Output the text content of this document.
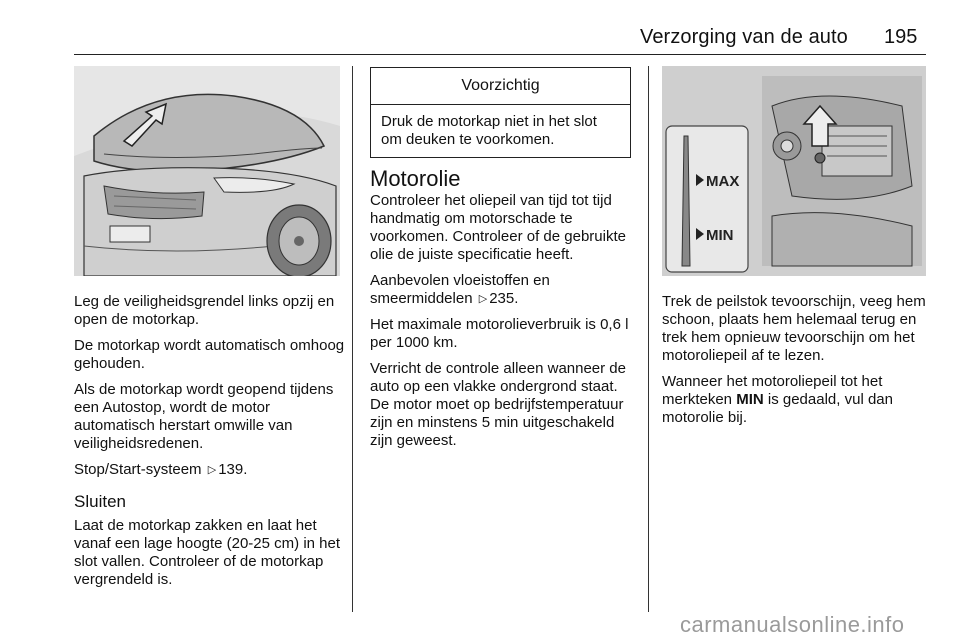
Verzorging van de auto 195

Leg de veiligheidsgrendel links opzij en open de motorkap.

De motorkap wordt automatisch omhoog gehouden.

Als de motorkap wordt geopend tijdens een Autostop, wordt de motor automatisch herstart omwille van veiligheidsredenen.

Stop/Start-systeem ▷ 139.

Sluiten

Laat de motorkap zakken en laat het vanaf een lage hoogte (20-25 cm) in het slot vallen. Controleer of de motorkap vergrendeld is.

Voorzichtig
Druk de motorkap niet in het slot om deuken te voorkomen.
Motorolie

Controleer het oliepeil van tijd tot tijd handmatig om motorschade te voorkomen. Controleer of de gebruikte olie de juiste specificatie heeft.

Aanbevolen vloeistoffen en smeermiddelen ▷ 235.

Het maximale motorolieverbruik is 0,6 l per 1000 km.

Verricht de controle alleen wanneer de auto op een vlakke ondergrond staat. De motor moet op bedrijfstemperatuur zijn en minstens 5 min uitgeschakeld zijn geweest.

MAX
MIN

Trek de peilstok tevoorschijn, veeg hem schoon, plaats hem helemaal terug en trek hem opnieuw tevoorschijn om het motoroliepeil af te lezen.

Wanneer het motoroliepeil tot het merkteken MIN is gedaald, vul dan motorolie bij.

carmanualsonline.info
